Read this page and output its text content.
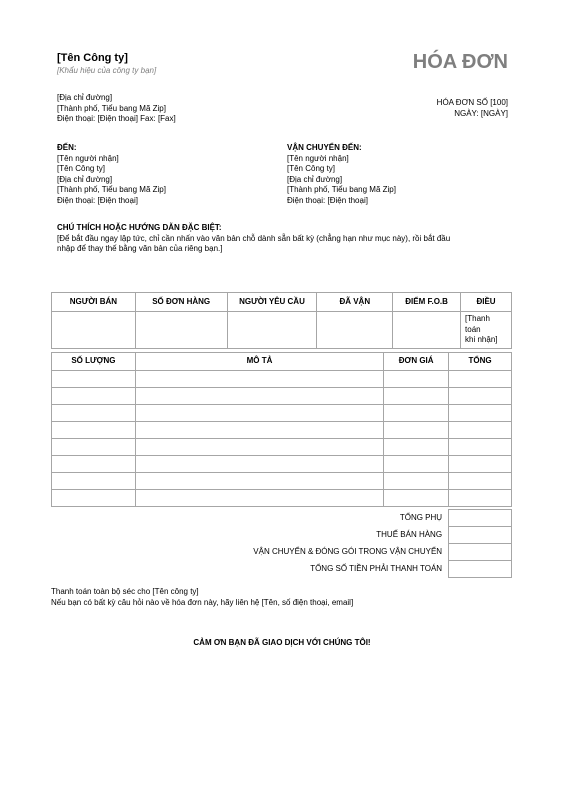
[Tên Công ty]
[Khẩu hiệu của công ty bạn]	HÓA ĐƠN
[Địa chỉ đường]
[Thành phố, Tiểu bang Mã Zip]
Điện thoại: [Điện thoại] Fax: [Fax]
HÓA ĐƠN SỐ [100]
NGÀY: [NGÀY]
ĐẾN:
[Tên người nhận]
[Tên Công ty]
[Địa chỉ đường]
[Thành phố, Tiểu bang Mã Zip]
Điện thoại: [Điện thoại]
VẬN CHUYỂN ĐẾN:
[Tên người nhận]
[Tên Công ty]
[Địa chỉ đường]
[Thành phố, Tiểu bang Mã Zip]
Điện thoại: [Điện thoại]
CHÚ THÍCH HOẶC HƯỚNG DẪN ĐẶC BIỆT:
[Để bắt đầu ngay lập tức, chỉ cần nhấn vào văn bản chỗ dành sẵn bất kỳ (chẳng hạn như mục này), rồi bắt đầu
nhập để thay thế bằng văn bản của riêng bạn.]
NGƯỜI BÁN	SỐ ĐƠN HÀNG	NGƯỜI YÊU CẦU	ĐÃ VẬN	ĐIỂM F.O.B	ĐIỀU

					[Thanh toán
khi nhận]
SỐ LƯỢNG	MÔ TẢ	ĐƠN GIÁ	TỔNG

TỔNG PHỤ	
THUẾ BÁN HÀNG	
VẬN CHUYỂN & ĐÓNG GÓI TRONG VẬN CHUYỂN	
TỔNG SỐ TIỀN PHẢI THANH TOÁN	
Thanh toán toàn bộ séc cho [Tên công ty]
Nếu bạn có bất kỳ câu hỏi nào về hóa đơn này, hãy liên hệ [Tên, số điện thoại, email]
CẢM ƠN BẠN ĐÃ GIAO DỊCH VỚI CHÚNG TÔI!
